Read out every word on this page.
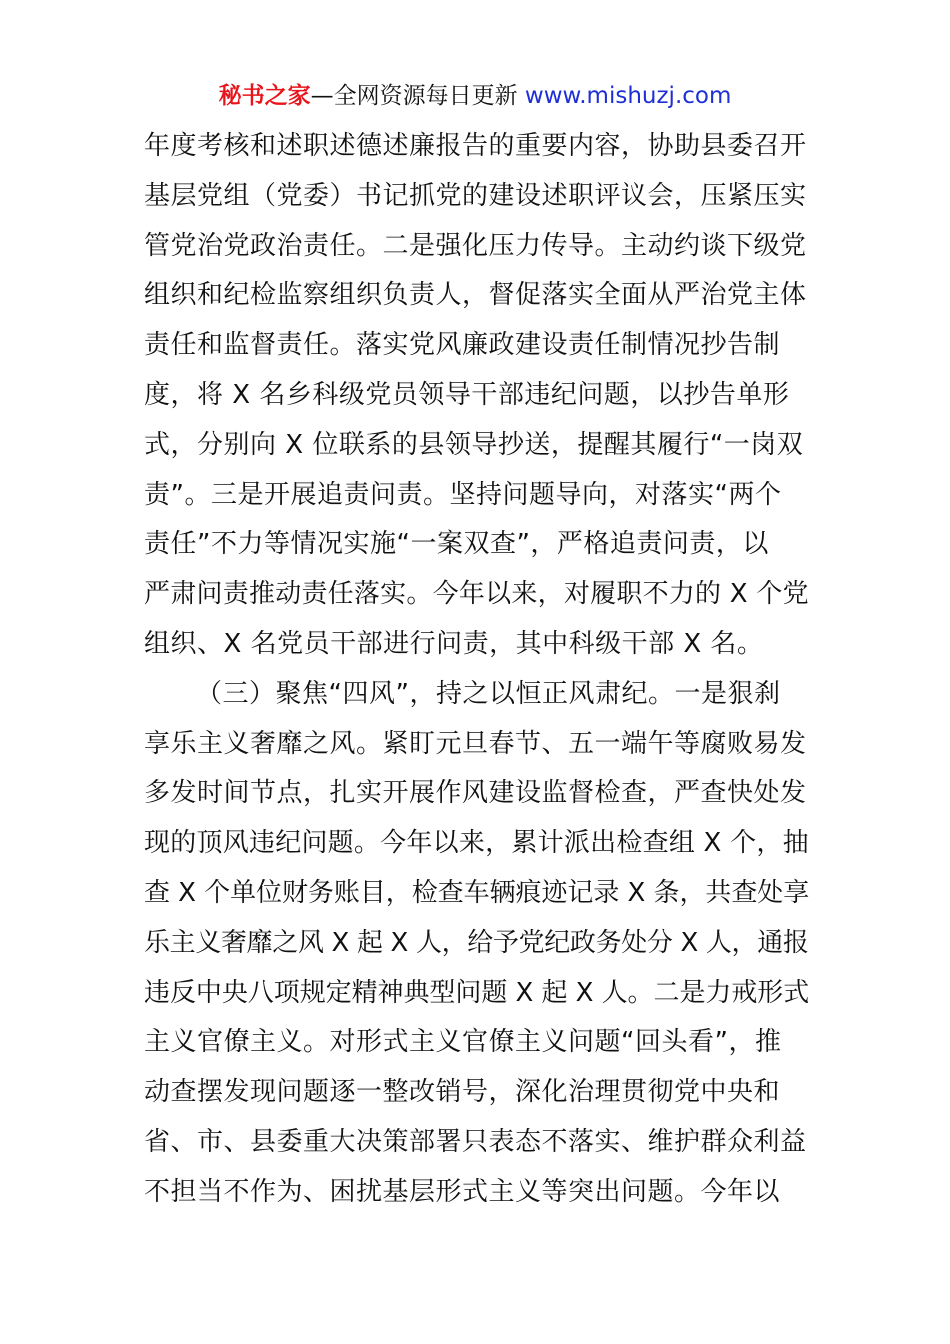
秘书之家—全网资源每日更新 www.mishuzj.com
年度考核和述职述德述廉报告的重要内容，协助县委召开
基层党组（党委）书记抓党的建设述职评议会，压紧压实
管党治党政治责任。二是强化压力传导。主动约谈下级党
组织和纪检监察组织负责人，督促落实全面从严治党主体
责任和监督责任。落实党风廉政建设责任制情况抄告制
度，将 X 名乡科级党员领导干部违纪问题，以抄告单形
式，分别向 X 位联系的县领导抄送，提醒其履行“一岗双
责”。三是开展追责问责。坚持问题导向，对落实“两个
责任”不力等情况实施“一案双查”，严格追责问责，以
严肃问责推动责任落实。今年以来，对履职不力的 X 个党
组织、X 名党员干部进行问责，其中科级干部 X 名。
（三）聚焦“四风”，持之以恒正风肃纪。一是狠刹
享乐主义奢靡之风。紧盯元旦春节、五一端午等腐败易发
多发时间节点，扎实开展作风建设监督检查，严查快处发
现的顶风违纪问题。今年以来，累计派出检查组 X 个，抽
查 X 个单位财务账目，检查车辆痕迹记录 X 条，共查处享
乐主义奢靡之风 X 起 X 人，给予党纪政务处分 X 人，通报
违反中央八项规定精神典型问题 X 起 X 人。二是力戒形式
主义官僚主义。对形式主义官僚主义问题“回头看”，推
动查摆发现问题逐一整改销号，深化治理贯彻党中央和
省、市、县委重大决策部署只表态不落实、维护群众利益
不担当不作为、困扰基层形式主义等突出问题。今年以
